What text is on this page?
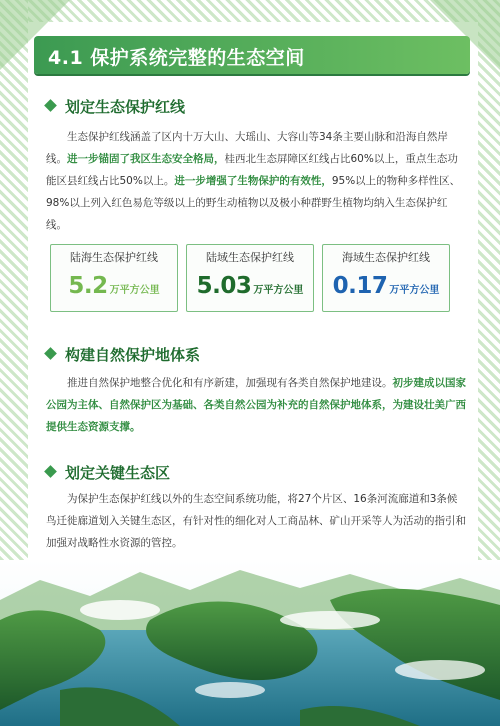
4.1 保护系统完整的生态空间
划定生态保护红线
生态保护红线涵盖了区内十万大山、大瑶山、大容山等34条主要山脉和沿海自然岸线。进一步锚固了我区生态安全格局，桂西北生态屏障区红线占比60%以上，重点生态功能区县红线占比50%以上。进一步增强了生物保护的有效性，95%以上的物种多样性区、98%以上列入红色易危等级以上的野生动植物以及极小种群野生植物均纳入生态保护红线。
陆海生态保护红线
5.2 万平方公里
陆域生态保护红线
5.03 万平方公里
海域生态保护红线
0.17 万平方公里
构建自然保护地体系
推进自然保护地整合优化和有序新建，加强现有各类自然保护地建设。初步建成以国家公园为主体、自然保护区为基础、各类自然公园为补充的自然保护地体系，为建设壮美广西提供生态资源支撑。
划定关键生态区
为保护生态保护红线以外的生态空间系统功能，将27个片区、16条河流廊道和3条候鸟迁徙廊道划入关键生态区，有针对性的细化对人工商品林、矿山开采等人为活动的指引和加强对战略性水资源的管控。
